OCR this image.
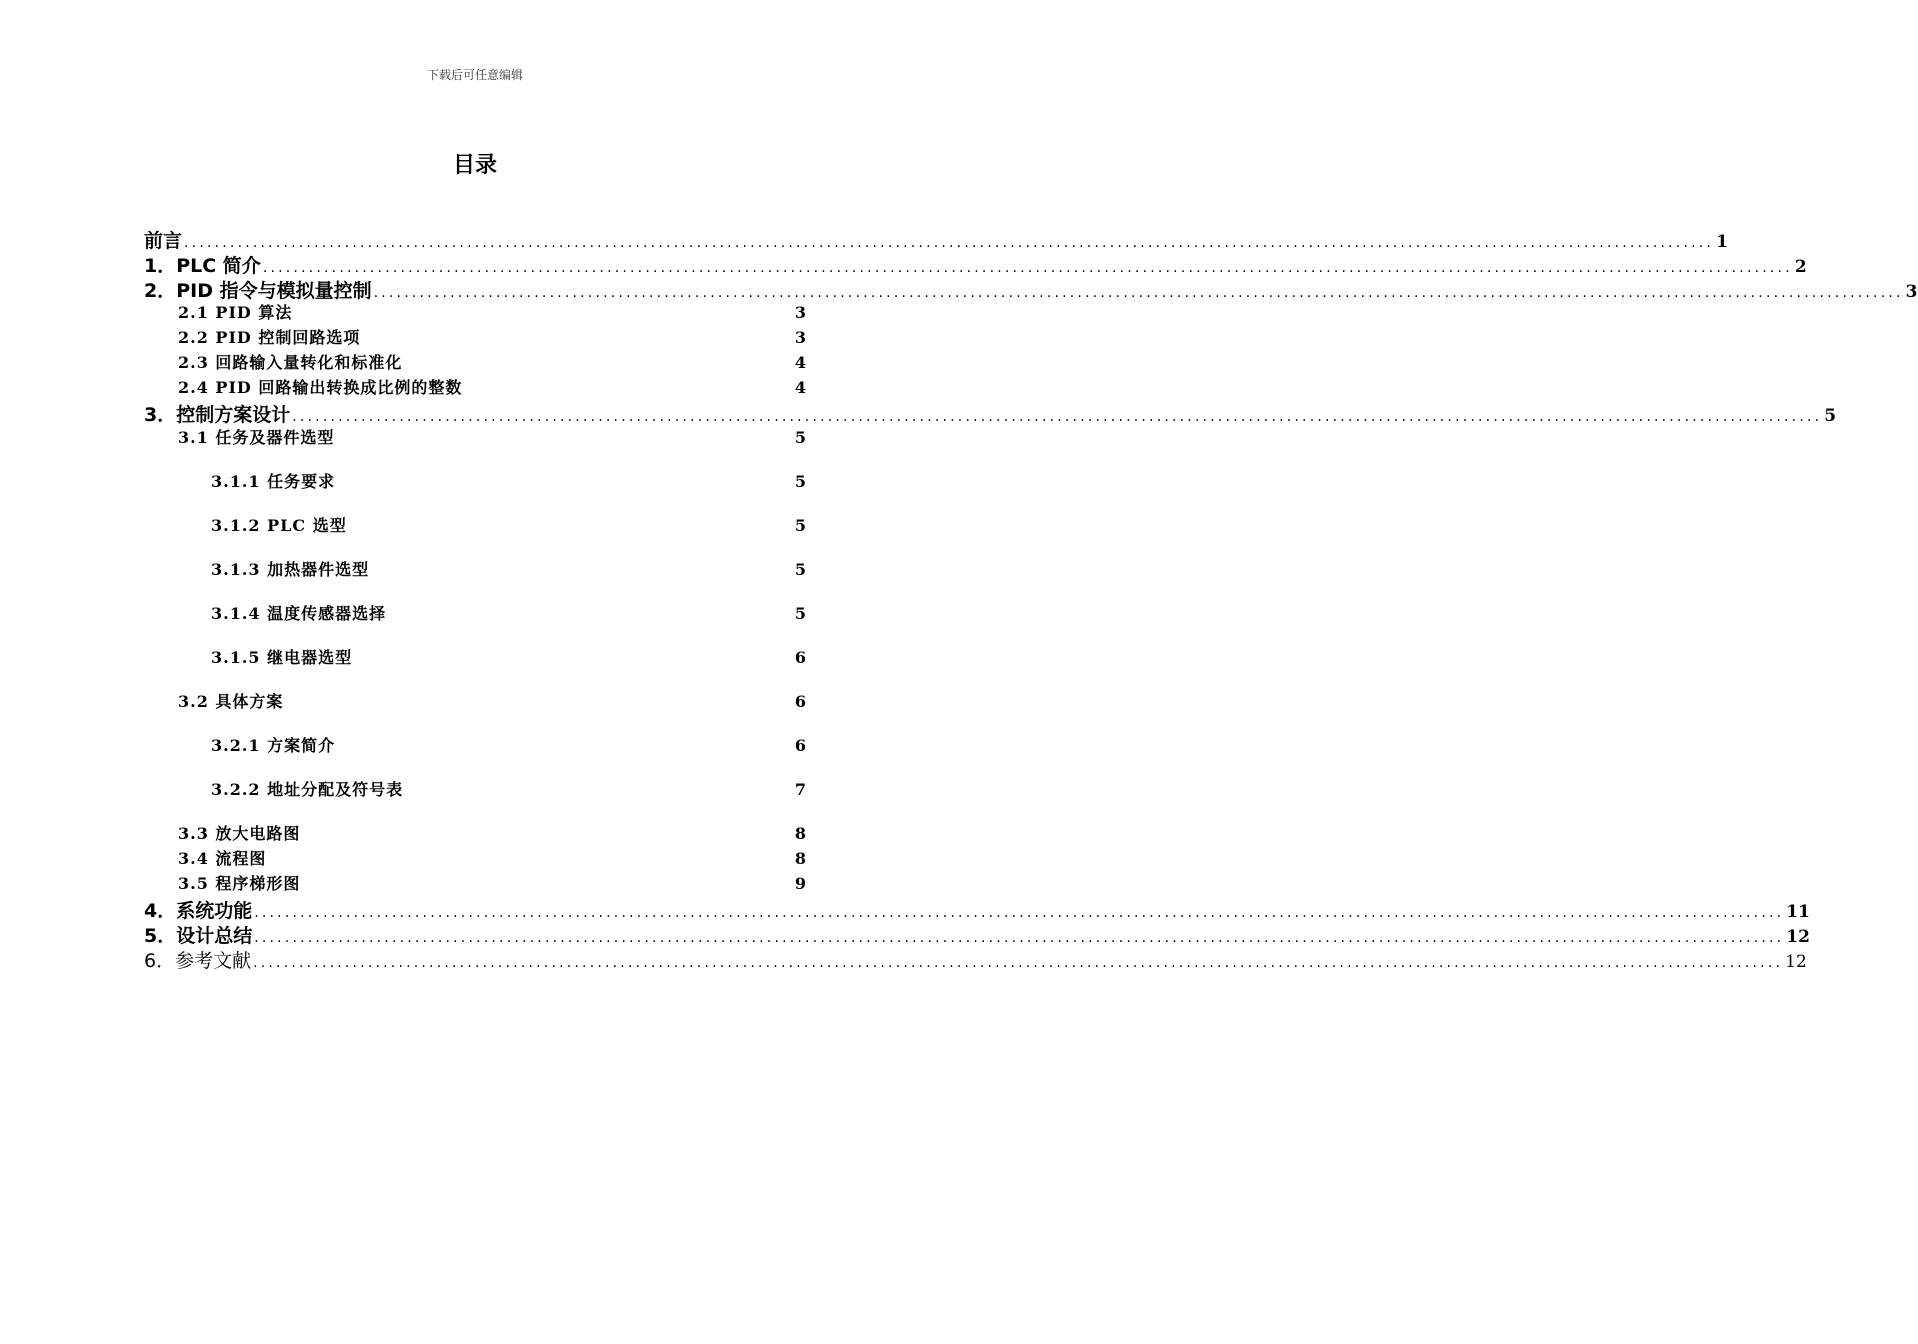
下载后可任意编辑
目录
前言 ........................................................................................................................................................................................................ 1
1．PLC 简介 ........................................................................................................................................................................................................ 2
2．PID 指令与模拟量控制 ........................................................................................................................................................................................................ 3
2.1 PID 算法	3
2.2 PID 控制回路选项	3
2.3 回路输入量转化和标准化	4
2.4 PID 回路输出转换成比例的整数	4
3．控制方案设计 ........................................................................................................................................................................................................ 5
3.1 任务及器件选型	5
3.1.1 任务要求	5
3.1.2 PLC 选型	5
3.1.3 加热器件选型	5
3.1.4 温度传感器选择	5
3.1.5 继电器选型	6
3.2 具体方案	6
3.2.1 方案简介	6
3.2.2 地址分配及符号表	7
3.3 放大电路图	8
3.4 流程图	8
3.5 程序梯形图	9
4．系统功能 ........................................................................................................................................................................................................ 11
5．设计总结 ........................................................................................................................................................................................................ 12
6．参考文献 ........................................................................................................................................................................................................ 12
